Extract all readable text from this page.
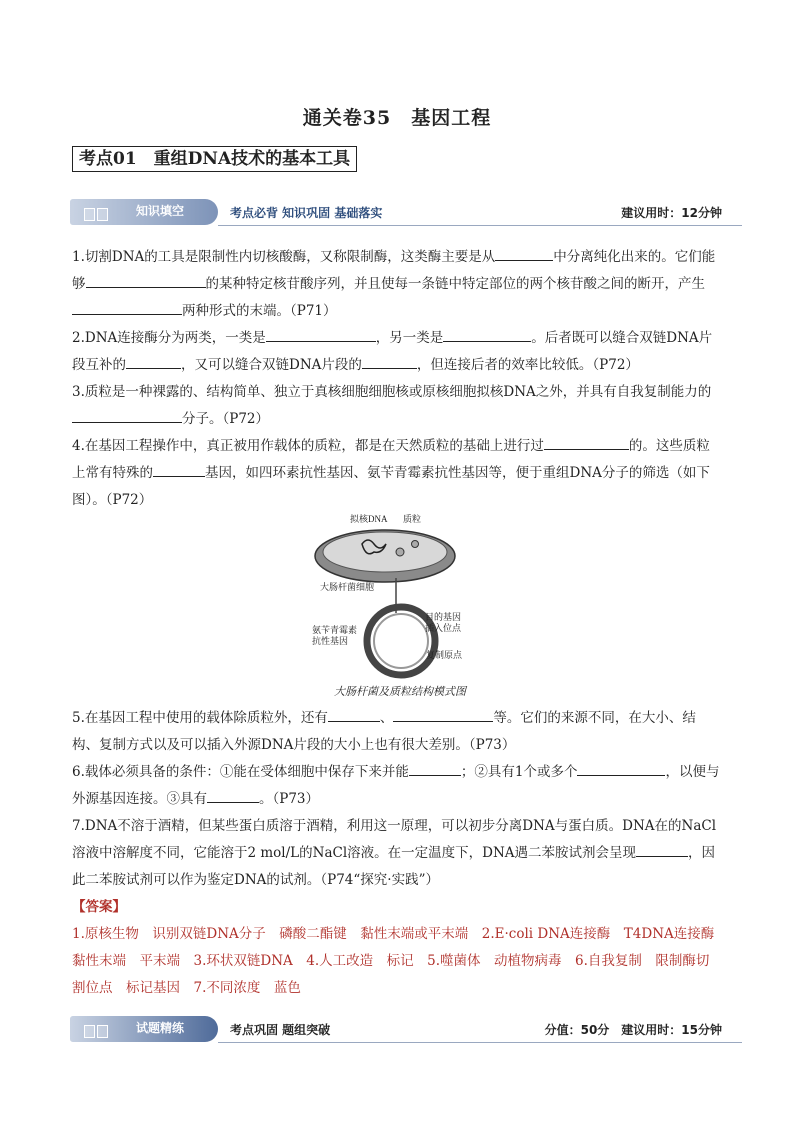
通关卷35　基因工程
考点01　重组DNA技术的基本工具
知识填空	考点必背 知识巩固 基础落实	建议用时：12分钟

1.切割DNA的工具是限制性内切核酸酶，又称限制酶，这类酶主要是从	中分离纯化出来的。它们能够	的某种特定核苷酸序列，并且使每一条链中特定部位的两个核苷酸之间的断开，产生两种形式的末端。（P71）

2.DNA连接酶分为两类，一类是	，另一类是	。后者既可以缝合双链DNA片段互补的	，又可以缝合双链DNA片段的	，但连接后者的效率比较低。（P72）

3.质粒是一种裸露的、结构简单、独立于真核细胞细胞核或原核细胞拟核DNA之外，并具有自我复制能力的分子。（P72）

4.在基因工程操作中，真正被用作载体的质粒，都是在天然质粒的基础上进行过	的。这些质粒上常有特殊的	基因，如四环素抗性基因、氨苄青霉素抗性基因等，便于重组DNA分子的筛选（如下图）。（P72）

拟核DNA 质粒
大肠杆菌细胞
目的基因
插入位点
氨苄青霉素
抗性基因
复制原点
大肠杆菌及质粒结构模式图

5.在基因工程中使用的载体除质粒外，还有	、	等。它们的来源不同，在大小、结构、复制方式以及可以插入外源DNA片段的大小上也有很大差别。（P73）

6.载体必须具备的条件：①能在受体细胞中保存下来并能	；②具有1个或多个	，以便与外源基因连接。③具有	。（P73）

7.DNA不溶于酒精，但某些蛋白质溶于酒精，利用这一原理，可以初步分离DNA与蛋白质。DNA在的NaCl溶液中溶解度不同，它能溶于2 mol/L的NaCl溶液。在一定温度下，DNA遇二苯胺试剂会呈现	，因此二苯胺试剂可以作为鉴定DNA的试剂。（P74“探究·实践”）

【答案】

1.原核生物　识别双链DNA分子　磷酸二酯键　黏性末端或平末端　2.E·coli DNA连接酶　T4DNA连接酶

黏性末端　平末端　3.环状双链DNA　4.人工改造　标记　5.噬菌体　动植物病毒　6.自我复制　限制酶切

割位点　标记基因　7.不同浓度　蓝色

试题精练	考点巩固 题组突破	分值：50分　建议用时：15分钟
